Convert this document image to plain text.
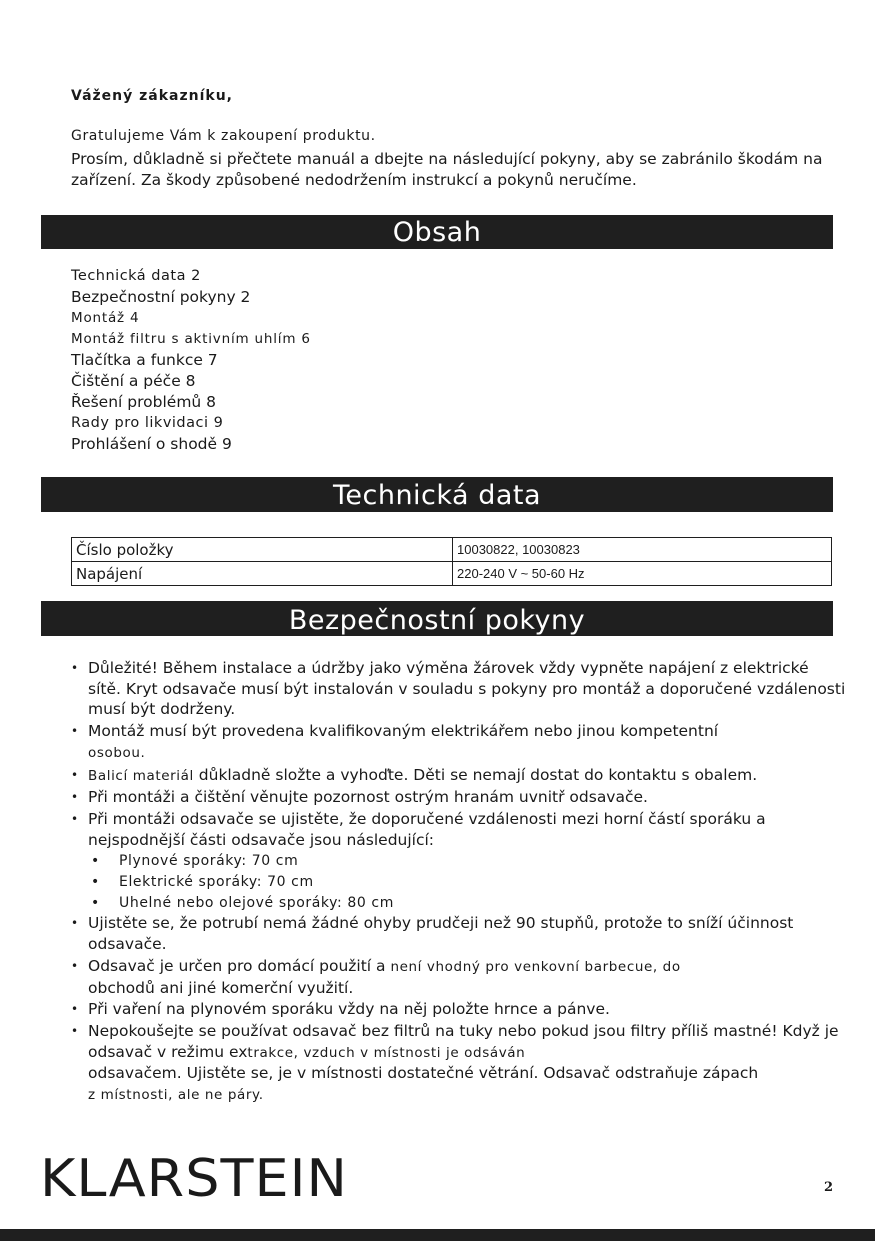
Vážený zákazníku,
Gratulujeme Vám k zakoupení produktu.
Prosím, důkladně si přečtete manuál a dbejte na následující pokyny, aby se zabránilo škodám na zařízení. Za škody způsobené nedodržením instrukcí a pokynů neručíme.
Obsah
Technická data 2
Bezpečnostní pokyny 2
Montáž 4
Montáž filtru s aktivním uhlím 6
Tlačítka a funkce 7
Čištění a péče 8
Řešení problémů 8
Rady pro likvidaci 9
Prohlášení o shodě 9
Technická data
Číslo položky	10030822, 10030823
Napájení	220-240 V ~ 50-60 Hz
Bezpečnostní pokyny
• Důležité! Během instalace a údržby jako výměna žárovek vždy vypněte napájení z elektrické sítě. Kryt odsavače musí být instalován v souladu s pokyny pro montáž a doporučené vzdálenosti musí být dodrženy.
• Montáž musí být provedena kvalifikovaným elektrikářem nebo jinou kompetentní
osobou.
• Balicí materiál důkladně složte a vyhoďte. Děti se nemají dostat do kontaktu s obalem.
• Při montáži a čištění věnujte pozornost ostrým hranám uvnitř odsavače.
• Při montáži odsavače se ujistěte, že doporučené vzdálenosti mezi horní částí sporáku a nejspodnější části odsavače jsou následující:
• Plynové sporáky: 70 cm
• Elektrické sporáky: 70 cm
• Uhelné nebo olejové sporáky: 80 cm
• Ujistěte se, že potrubí nemá žádné ohyby prudčeji než 90 stupňů, protože to sníží účinnost odsavače.
• Odsavač je určen pro domácí použití a není vhodný pro venkovní barbecue, do
obchodů ani jiné komerční využití.
• Při vaření na plynovém sporáku vždy na něj položte hrnce a pánve.
• Nepokoušejte se používat odsavač bez filtrů na tuky nebo pokud jsou filtry příliš mastné! Když je odsavač v režimu extrakce, vzduch v místnosti je odsáván
odsavačem. Ujistěte se, je v místnosti dostatečné větrání. Odsavač odstraňuje zápach
z místnosti, ale ne páry.
KLARSTEIN	2
